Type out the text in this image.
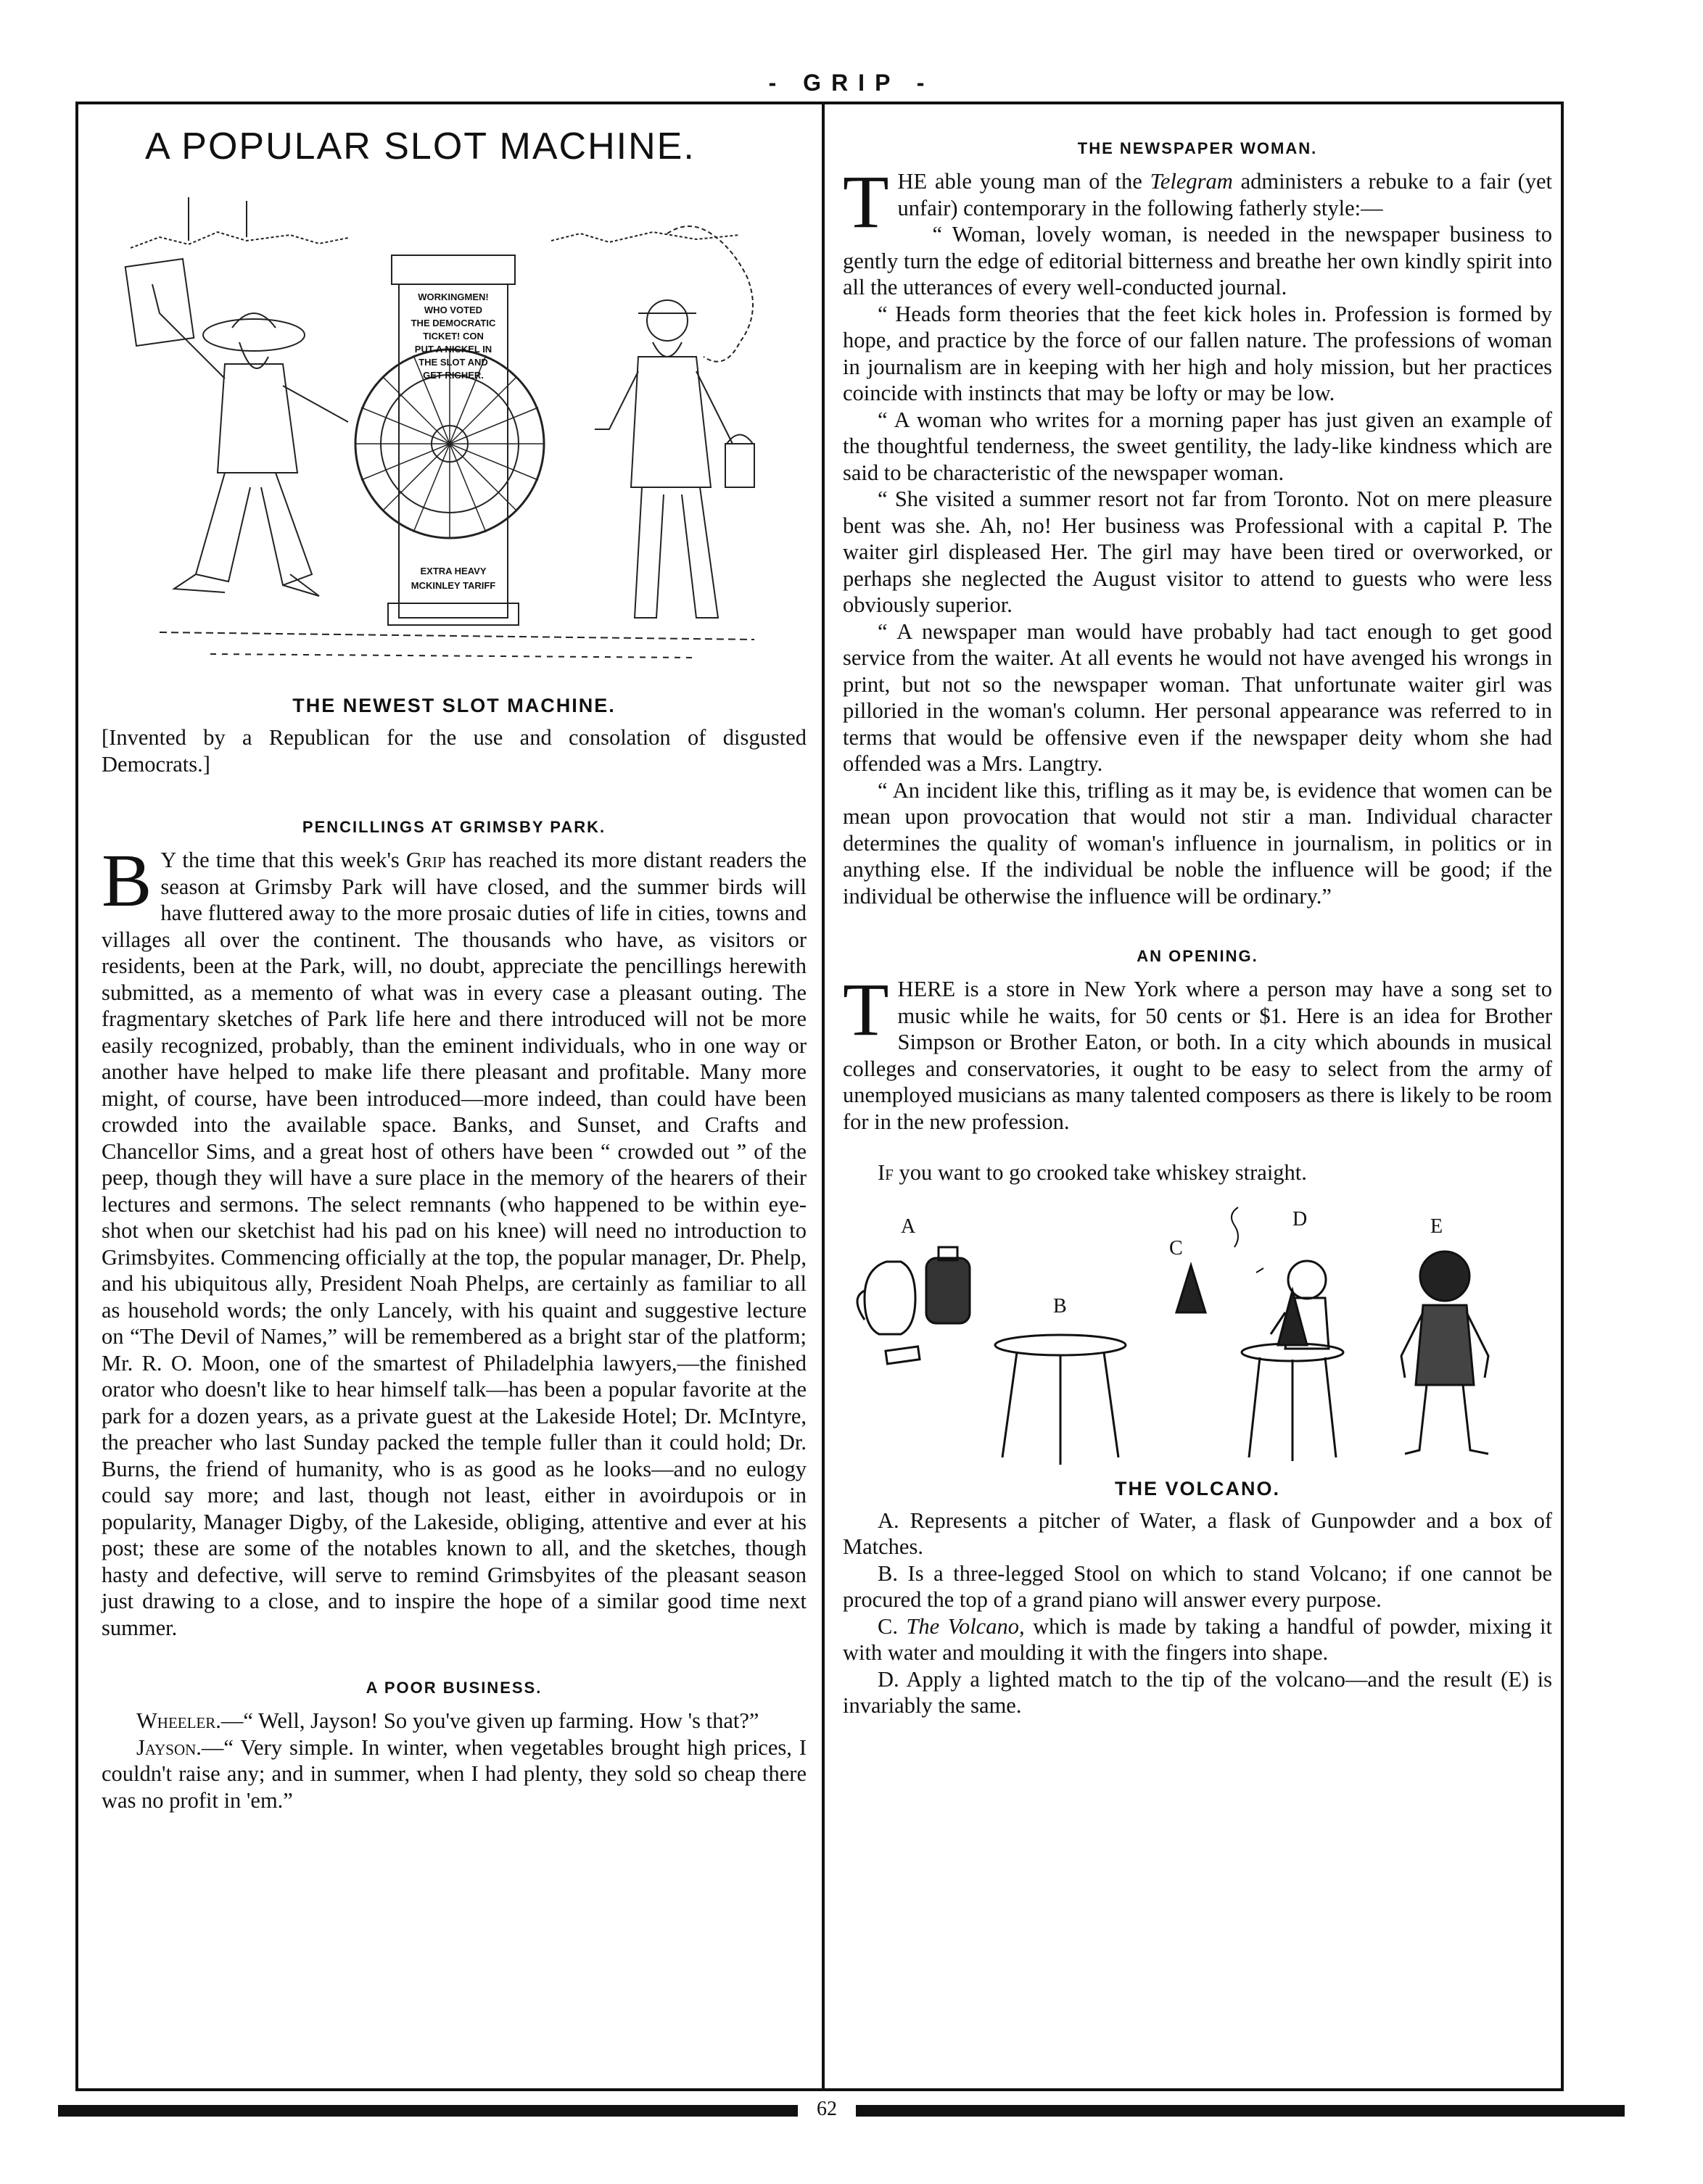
- GRIP -
A POPULAR SLOT MACHINE.
WORKINGMEN!
WHO VOTED
THE DEMOCRATIC
TICKET! CON
PUT A NICKEL IN
THE SLOT AND
GET RICHER.
EXTRA HEAVY
MCKINLEY TARIFF
THE NEWEST SLOT MACHINE.

[Invented by a Republican for the use and consolation of disgusted Democrats.]

PENCILLINGS AT GRIMSBY PARK.

B Y the time that this week's Grip has reached its more distant readers the season at Grimsby Park will have closed, and the summer birds will have fluttered away to the more prosaic duties of life in cities, towns and villages all over the continent. The thousands who have, as visitors or residents, been at the Park, will, no doubt, appreciate the pencillings herewith submitted, as a memento of what was in every case a pleasant outing. The fragmentary sketches of Park life here and there introduced will not be more easily recognized, probably, than the eminent individuals, who in one way or another have helped to make life there pleasant and profitable. Many more might, of course, have been introduced—more indeed, than could have been crowded into the available space. Banks, and Sunset, and Crafts and Chancellor Sims, and a great host of others have been “ crowded out ” of the peep, though they will have a sure place in the memory of the hearers of their lectures and sermons. The select remnants (who happened to be within eye-shot when our sketchist had his pad on his knee) will need no introduction to Grimsbyites. Commencing officially at the top, the popular manager, Dr. Phelp, and his ubiquitous ally, President Noah Phelps, are certainly as familiar to all as household words; the only Lancely, with his quaint and suggestive lecture on “The Devil of Names,” will be remembered as a bright star of the platform; Mr. R. O. Moon, one of the smartest of Philadelphia lawyers,—the finished orator who doesn't like to hear himself talk—has been a popular favorite at the park for a dozen years, as a private guest at the Lakeside Hotel; Dr. McIntyre, the preacher who last Sunday packed the temple fuller than it could hold; Dr. Burns, the friend of humanity, who is as good as he looks—and no eulogy could say more; and last, though not least, either in avoirdupois or in popularity, Manager Digby, of the Lakeside, obliging, attentive and ever at his post; these are some of the notables known to all, and the sketches, though hasty and defective, will serve to remind Grimsbyites of the pleasant season just drawing to a close, and to inspire the hope of a similar good time next summer.

A POOR BUSINESS.

Wheeler.—“ Well, Jayson! So you've given up farming. How 's that?”

Jayson.—“ Very simple. In winter, when vegetables brought high prices, I couldn't raise any; and in summer, when I had plenty, they sold so cheap there was no profit in 'em.”

THE NEWSPAPER WOMAN.

THE able young man of the Telegram administers a rebuke to a fair (yet unfair) contemporary in the following fatherly style:—

“ Woman, lovely woman, is needed in the newspaper business to gently turn the edge of editorial bitterness and breathe her own kindly spirit into all the utterances of every well-conducted journal.

“ Heads form theories that the feet kick holes in. Profession is formed by hope, and practice by the force of our fallen nature. The professions of woman in journalism are in keeping with her high and holy mission, but her practices coincide with instincts that may be lofty or may be low.

“ A woman who writes for a morning paper has just given an example of the thoughtful tenderness, the sweet gentility, the lady-like kindness which are said to be characteristic of the newspaper woman.

“ She visited a summer resort not far from Toronto. Not on mere pleasure bent was she. Ah, no! Her business was Professional with a capital P. The waiter girl displeased Her. The girl may have been tired or overworked, or perhaps she neglected the August visitor to attend to guests who were less obviously superior.

“ A newspaper man would have probably had tact enough to get good service from the waiter. At all events he would not have avenged his wrongs in print, but not so the newspaper woman. That unfortunate waiter girl was pilloried in the woman's column. Her personal appearance was referred to in terms that would be offensive even if the newspaper deity whom she had offended was a Mrs. Langtry.

“ An incident like this, trifling as it may be, is evidence that women can be mean upon provocation that would not stir a man. Individual character determines the quality of woman's influence in journalism, in politics or in anything else. If the individual be noble the influence will be good; if the individual be otherwise the influence will be ordinary.”

AN OPENING.

THERE is a store in New York where a person may have a song set to music while he waits, for 50 cents or $1. Here is an idea for Brother Simpson or Brother Eaton, or both. In a city which abounds in musical colleges and conservatories, it ought to be easy to select from the army of unemployed musicians as many talented composers as there is likely to be room for in the new profession.

If you want to go crooked take whiskey straight.

A
B
C
D	E
THE VOLCANO.

A. Represents a pitcher of Water, a flask of Gunpowder and a box of Matches.

B. Is a three-legged Stool on which to stand Volcano; if one cannot be procured the top of a grand piano will answer every purpose.

C. The Volcano, which is made by taking a handful of powder, mixing it with water and moulding it with the fingers into shape.

D. Apply a lighted match to the tip of the volcano—and the result (E) is invariably the same.

62
